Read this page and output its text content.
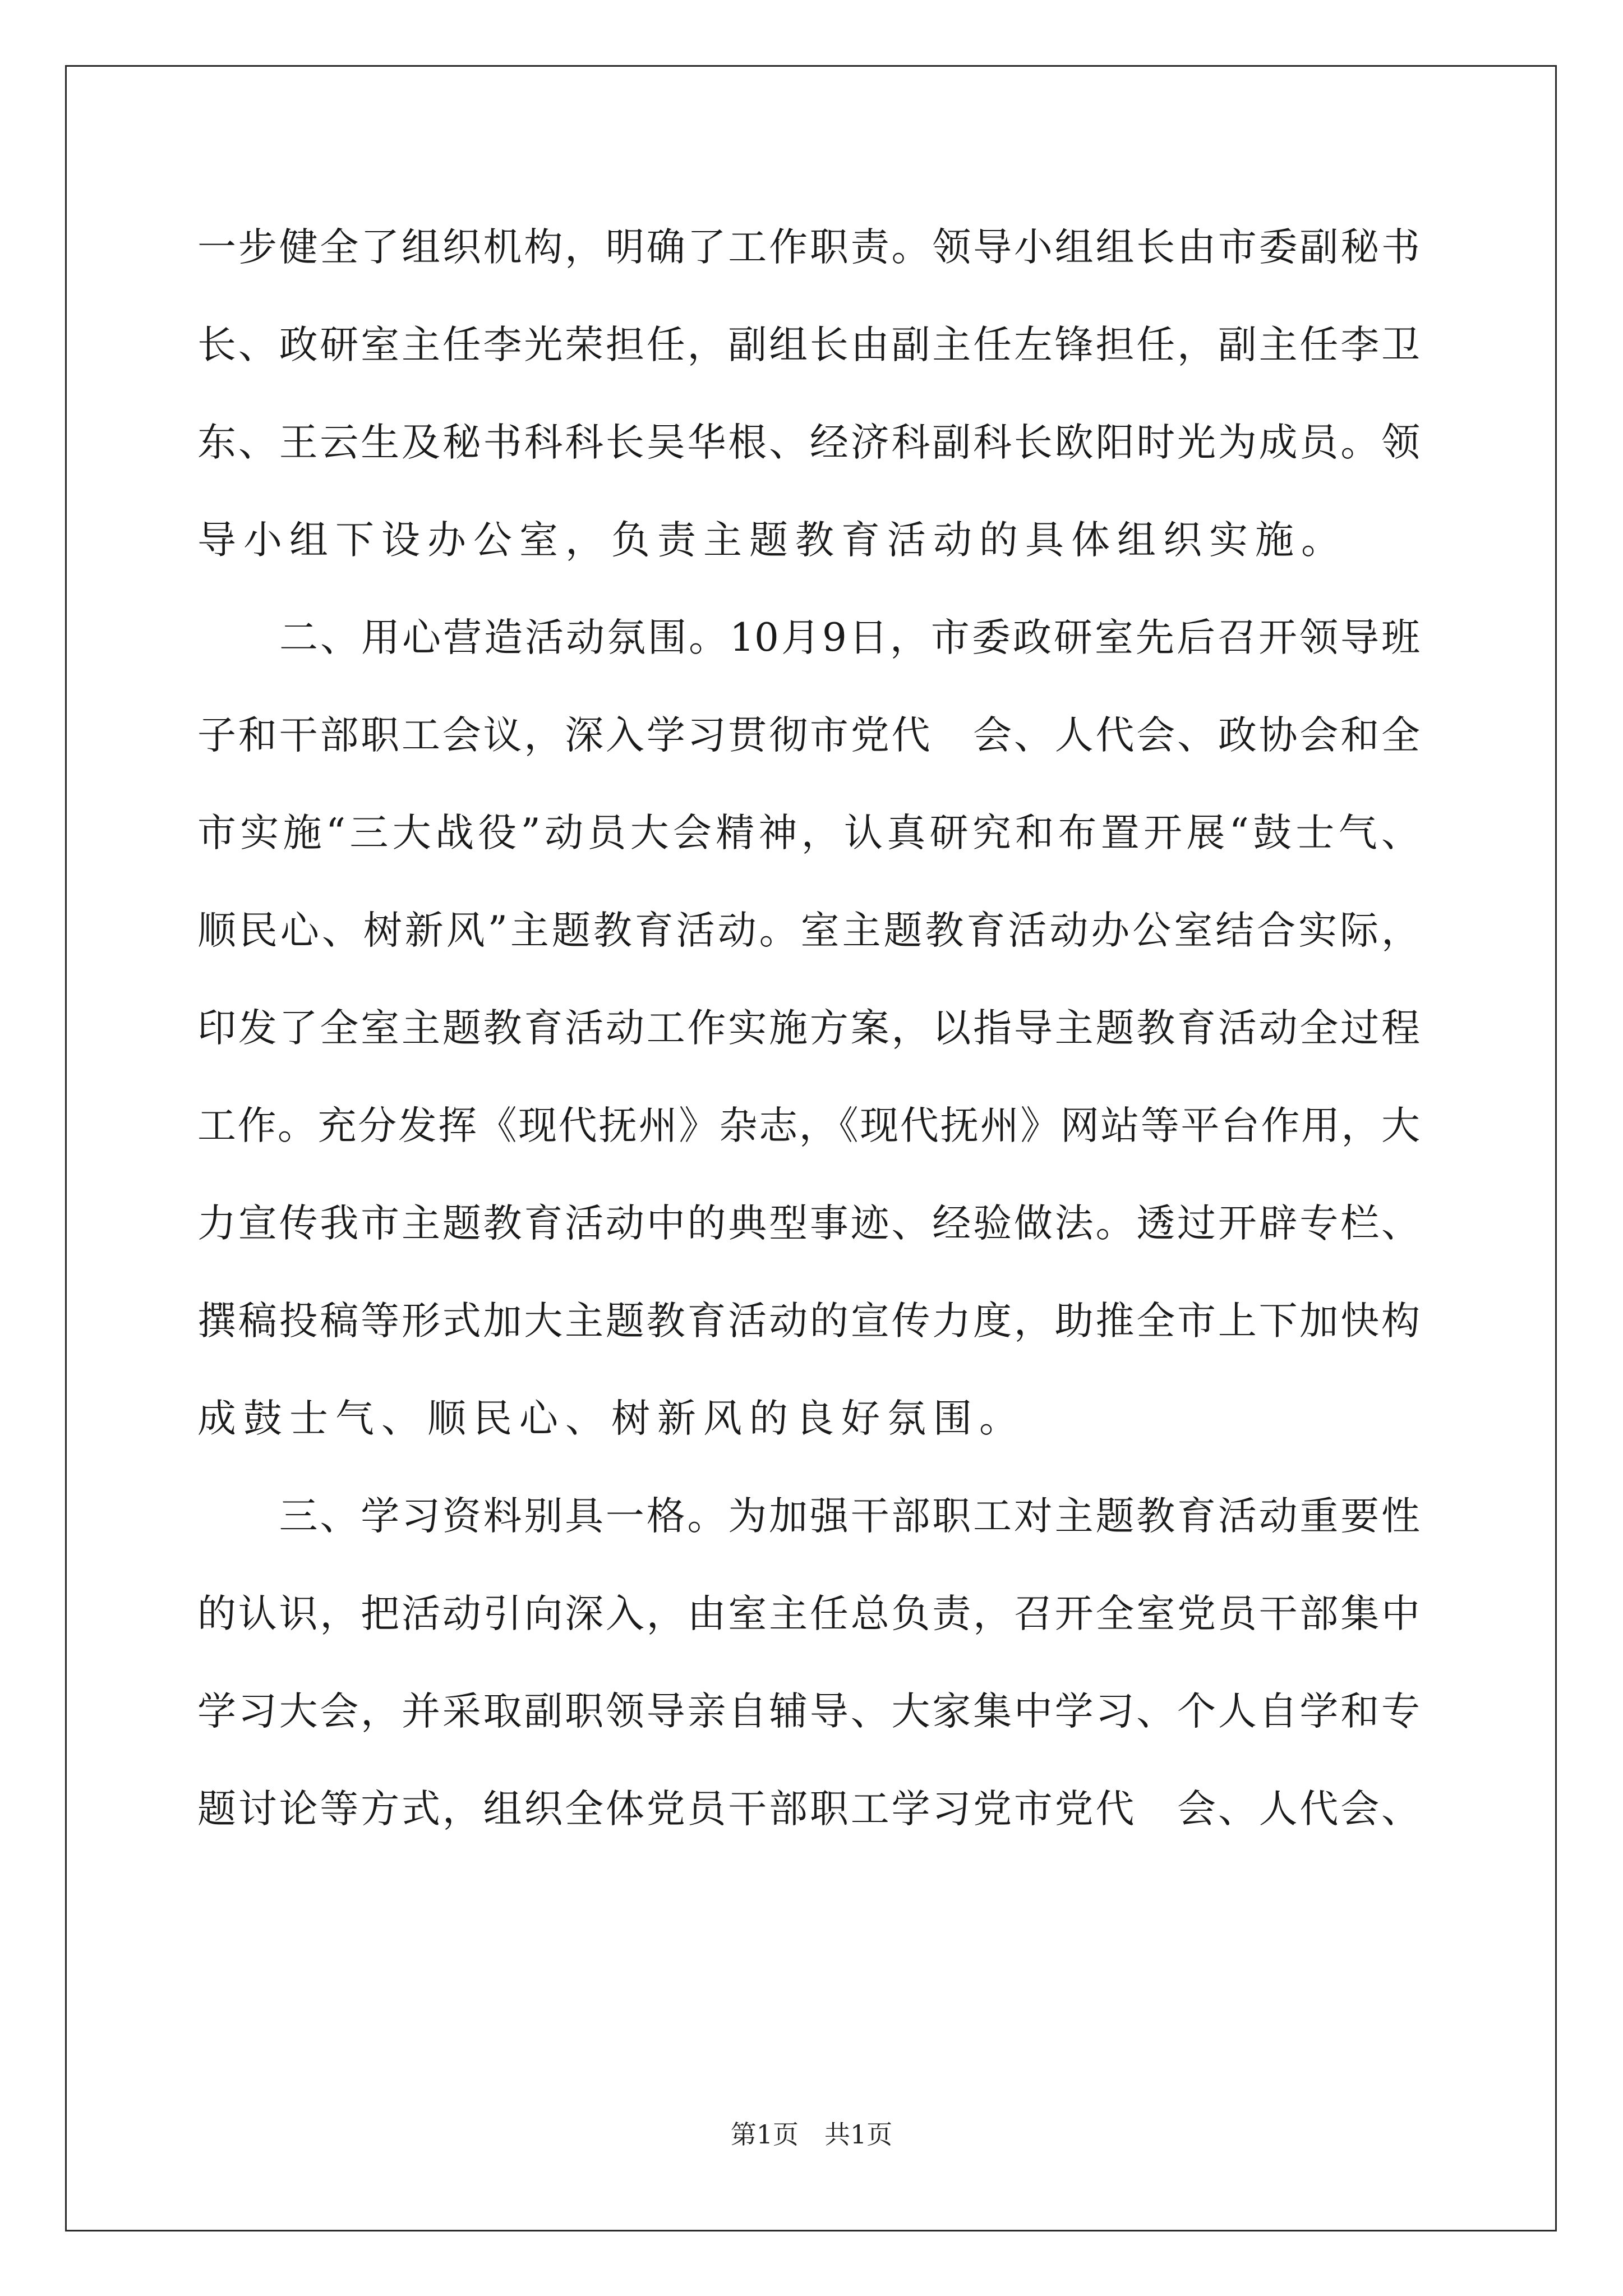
一步健全了组织机构，明确了工作职责。领导小组组长由市委副秘书
长、政研室主任李光荣担任，副组长由副主任左锋担任，副主任李卫
东、王云生及秘书科科长吴华根、经济科副科长欧阳时光为成员。领
导小组下设办公室，负责主题教育活动的具体组织实施。
　　二、用心营造活动氛围。10月9日，市委政研室先后召开领导班
子和干部职工会议，深入学习贯彻市党代　会、人代会、政协会和全
市实施“三大战役”动员大会精神，认真研究和布置开展“鼓士气、
顺民心、树新风”主题教育活动。室主题教育活动办公室结合实际，
印发了全室主题教育活动工作实施方案，以指导主题教育活动全过程
工作。充分发挥《现代抚州》杂志，《现代抚州》网站等平台作用，大
力宣传我市主题教育活动中的典型事迹、经验做法。透过开辟专栏、
撰稿投稿等形式加大主题教育活动的宣传力度，助推全市上下加快构
成鼓士气、顺民心、树新风的良好氛围。
　　三、学习资料别具一格。为加强干部职工对主题教育活动重要性
的认识，把活动引向深入，由室主任总负责，召开全室党员干部集中
学习大会，并采取副职领导亲自辅导、大家集中学习、个人自学和专
题讨论等方式，组织全体党员干部职工学习党市党代　会、人代会、
第1页　共1页
